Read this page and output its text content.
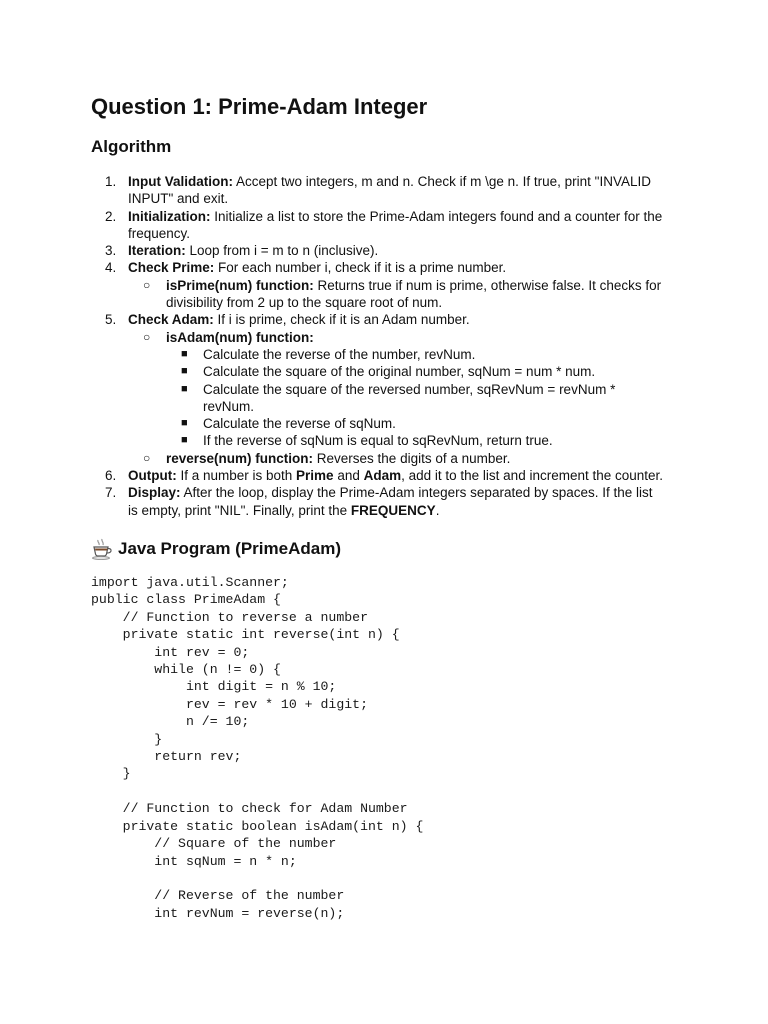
Question 1: Prime-Adam Integer
Algorithm
1. Input Validation: Accept two integers, m and n. Check if m \ge n. If true, print "INVALID
INPUT" and exit.
2. Initialization: Initialize a list to store the Prime-Adam integers found and a counter for the
frequency.
3. Iteration: Loop from i = m to n (inclusive).
4. Check Prime: For each number i, check if it is a prime number.
○ isPrime(num) function: Returns true if num is prime, otherwise false. It checks for
divisibility from 2 up to the square root of num.
5. Check Adam: If i is prime, check if it is an Adam number.
○ isAdam(num) function:
■ Calculate the reverse of the number, revNum.
■ Calculate the square of the original number, sqNum = num * num.
■ Calculate the square of the reversed number, sqRevNum = revNum *
revNum.
■ Calculate the reverse of sqNum.
■ If the reverse of sqNum is equal to sqRevNum, return true.
○ reverse(num) function: Reverses the digits of a number.
6. Output: If a number is both Prime and Adam, add it to the list and increment the counter.
7. Display: After the loop, display the Prime-Adam integers separated by spaces. If the list
is empty, print "NIL". Finally, print the FREQUENCY.
Java Program (PrimeAdam)
import java.util.Scanner;
public class PrimeAdam {
// Function to reverse a number
private static int reverse(int n) {
int rev = 0;
while (n != 0) {
int digit = n % 10;
rev = rev * 10 + digit;
n /= 10;
}
return rev;
}

// Function to check for Adam Number
private static boolean isAdam(int n) {
// Square of the number
int sqNum = n * n;

// Reverse of the number
int revNum = reverse(n);
